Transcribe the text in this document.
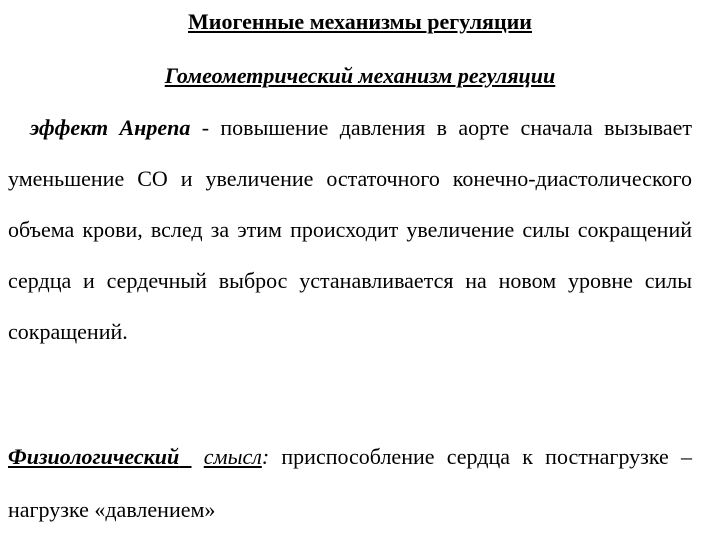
Миогенные механизмы регуляции
Гомеометрический механизм регуляции
эффект Анрепа - повышение давления в аорте сначала вызывает уменьшение СО и увеличение остаточного конечно-диастолического объема крови, вслед за этим происходит увеличение силы сокращений сердца и сердечный выброс устанавливается на новом уровне силы сокращений.
Физиологический смысл: приспособление сердца к постнагрузке – нагрузке «давлением»
